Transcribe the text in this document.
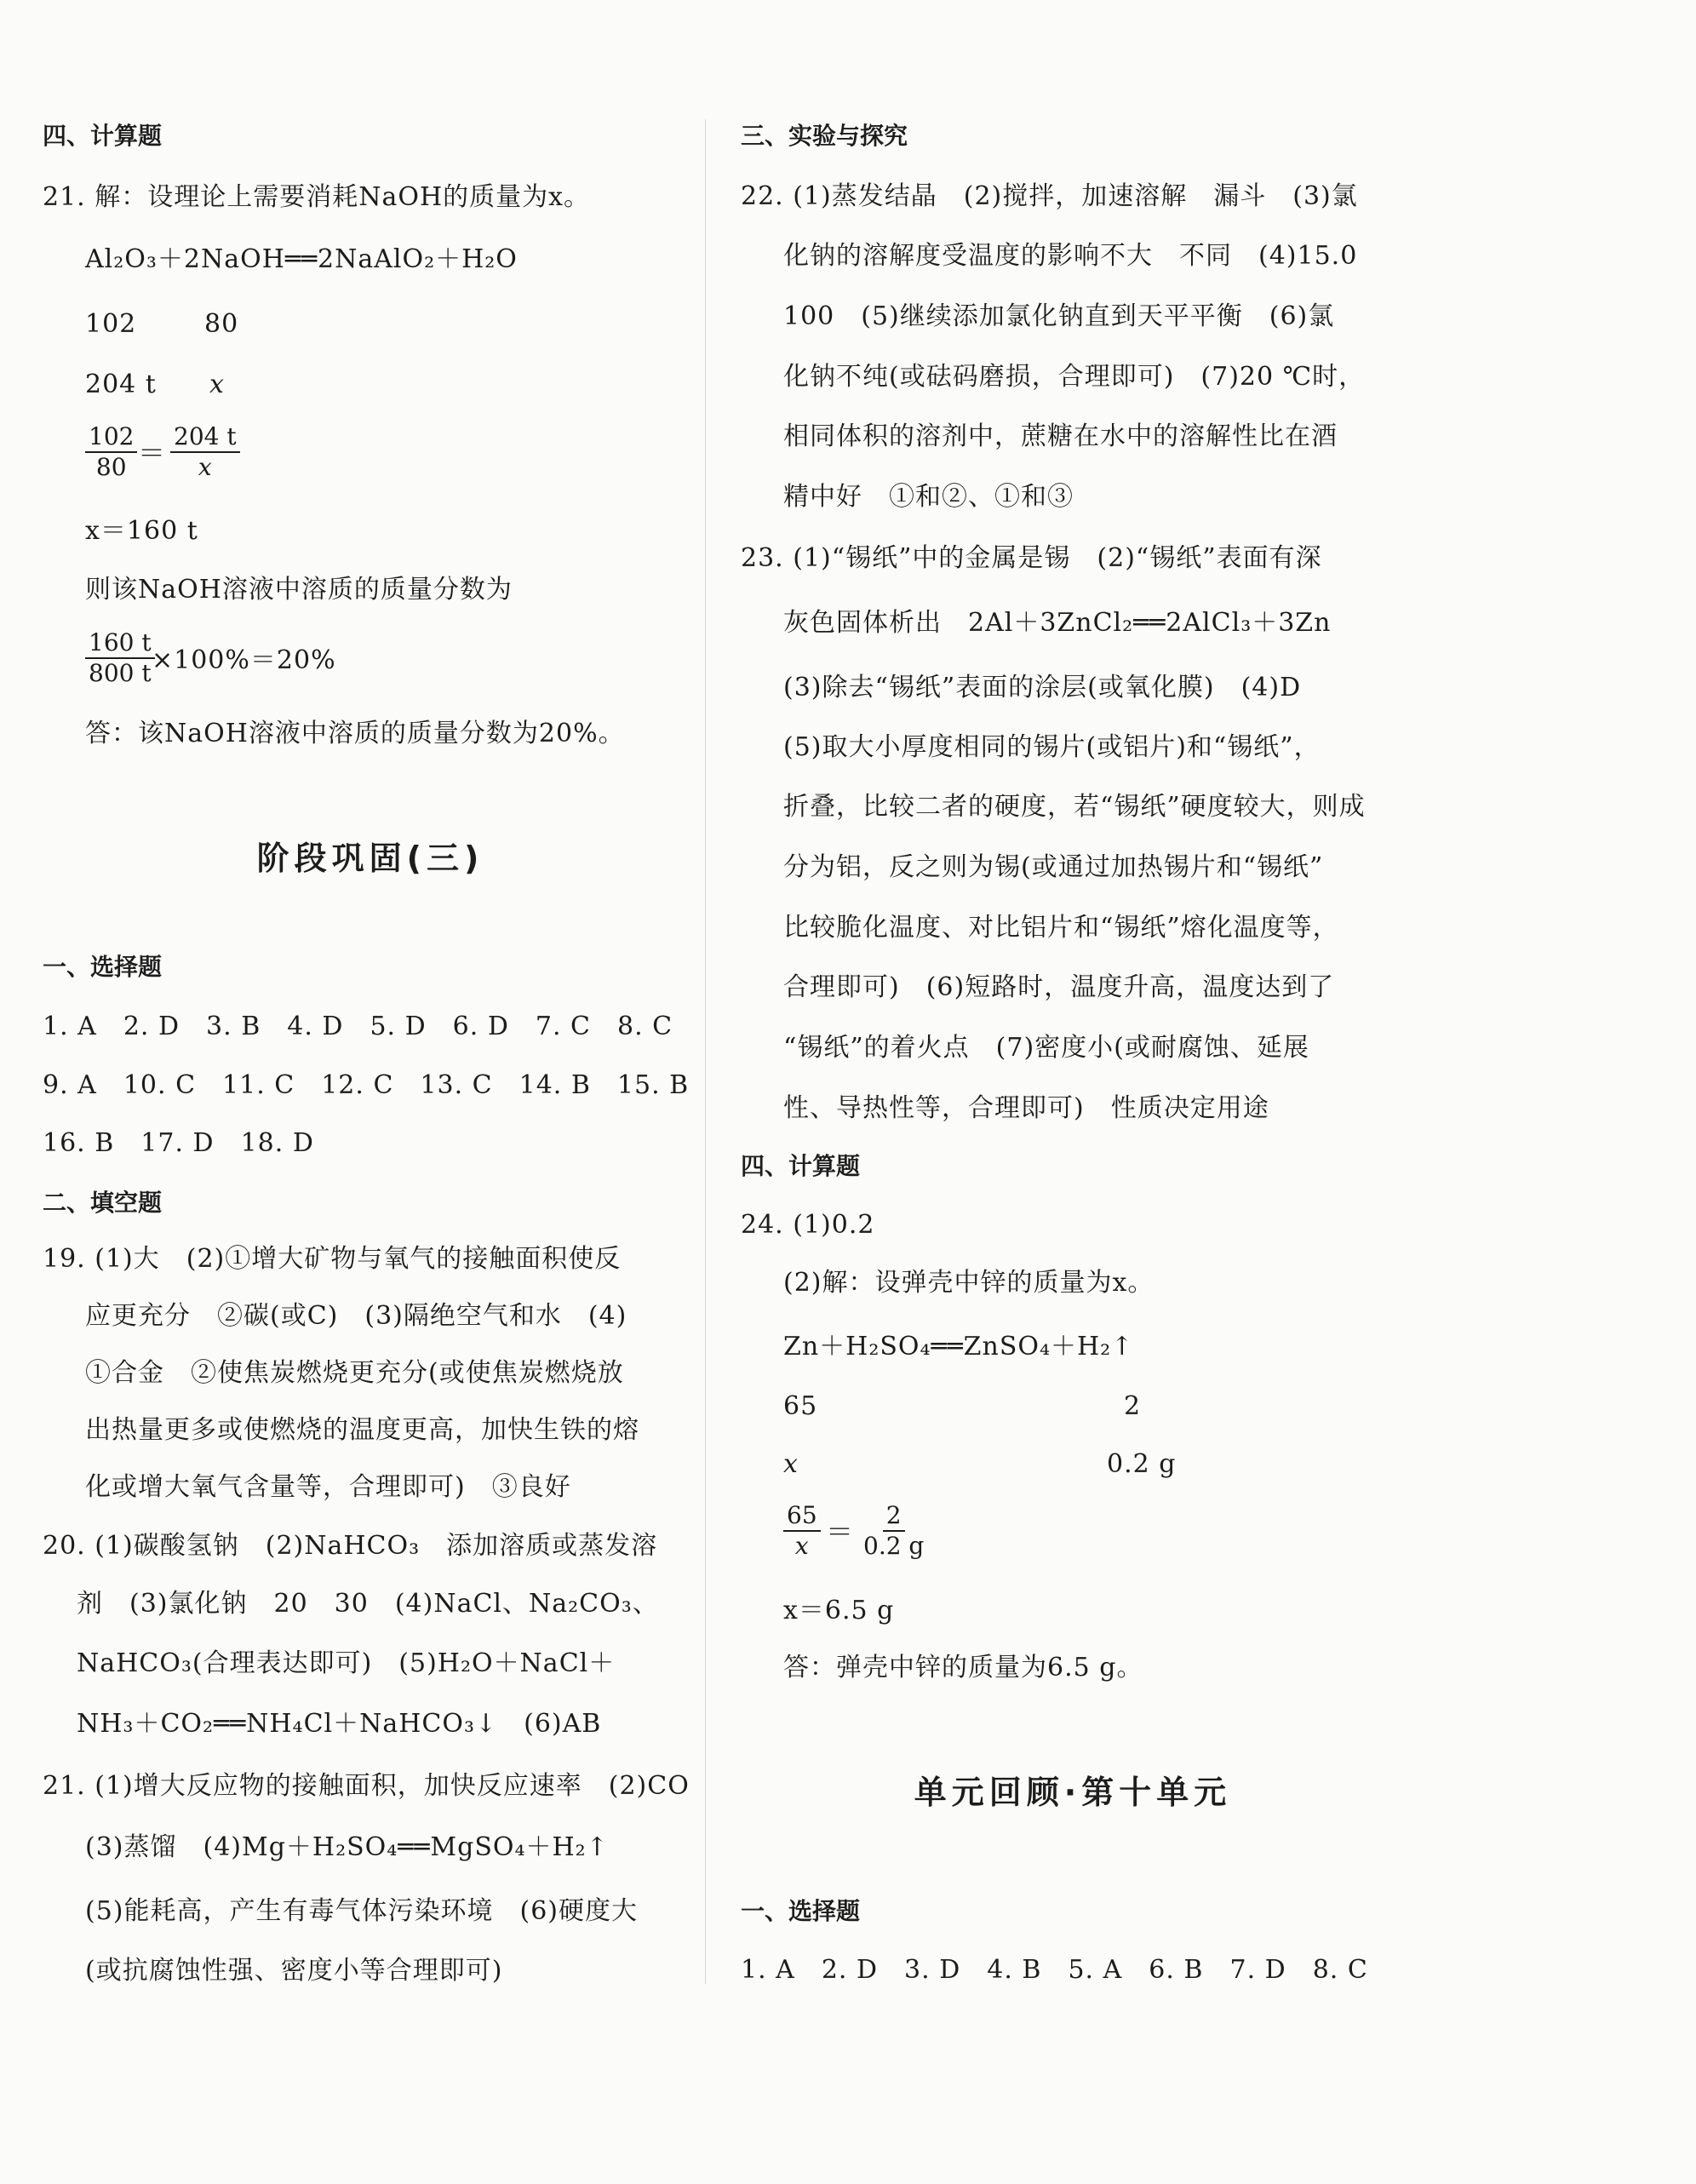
四、计算题
21. 解：设理论上需要消耗NaOH的质量为x。
Al₂O₃＋2NaOH══2NaAlO₂＋H₂O
102	80
204 t x
$\frac{102}{80} = \frac{204 t}{x}$
x＝160 t
则该NaOH溶液中溶质的质量分数为
$\frac{160 t}{800 t}$
×100%＝20%
答：该NaOH溶液中溶质的质量分数为20%。
阶段巩固(三)
一、选择题
1. A　2. D　3. B　4. D　5. D　6. D　7. C　8. C
9. A　10. C　11. C　12. C　13. C　14. B　15. B
16. B　17. D　18. D
二、填空题
19. (1)大　(2)①增大矿物与氧气的接触面积使反
应更充分　②碳(或C)　(3)隔绝空气和水　(4)
①合金　②使焦炭燃烧更充分(或使焦炭燃烧放
出热量更多或使燃烧的温度更高，加快生铁的熔
化或增大氧气含量等，合理即可)　③良好
20. (1)碳酸氢钠　(2)NaHCO₃　添加溶质或蒸发溶
剂　(3)氯化钠　20　30　(4)NaCl、Na₂CO₃、
NaHCO₃(合理表达即可)　(5)H₂O＋NaCl＋
NH₃＋CO₂══NH₄Cl＋NaHCO₃↓　(6)AB
21. (1)增大反应物的接触面积，加快反应速率　(2)CO
(3)蒸馏　(4)Mg＋H₂SO₄══MgSO₄＋H₂↑
(5)能耗高，产生有毒气体污染环境　(6)硬度大
(或抗腐蚀性强、密度小等合理即可)
三、实验与探究
22. (1)蒸发结晶　(2)搅拌，加速溶解　漏斗　(3)氯
化钠的溶解度受温度的影响不大　不同　(4)15.0
100　(5)继续添加氯化钠直到天平平衡　(6)氯
化钠不纯(或砝码磨损，合理即可)　(7)20 ℃时，
相同体积的溶剂中，蔗糖在水中的溶解性比在酒
精中好　①和②、①和③
23. (1)“锡纸”中的金属是锡　(2)“锡纸”表面有深
灰色固体析出　2Al＋3ZnCl₂══2AlCl₃＋3Zn
(3)除去“锡纸”表面的涂层(或氧化膜)　(4)D
(5)取大小厚度相同的锡片(或铝片)和“锡纸”，
折叠，比较二者的硬度，若“锡纸”硬度较大，则成
分为铝，反之则为锡(或通过加热锡片和“锡纸”
比较脆化温度、对比铝片和“锡纸”熔化温度等，
合理即可)　(6)短路时，温度升高，温度达到了
“锡纸”的着火点　(7)密度小(或耐腐蚀、延展
性、导热性等，合理即可)　性质决定用途
四、计算题
24. (1)0.2
(2)解：设弹壳中锌的质量为x。
Zn＋H₂SO₄══ZnSO₄＋H₂↑
65	2
x	0.2 g
$\frac{65}{x} = \frac{2}{0.2 g}$
x＝6.5 g
答：弹壳中锌的质量为6.5 g。
单元回顾·第十单元
一、选择题
1. A　2. D　3. D　4. B　5. A　6. B　7. D　8. C
